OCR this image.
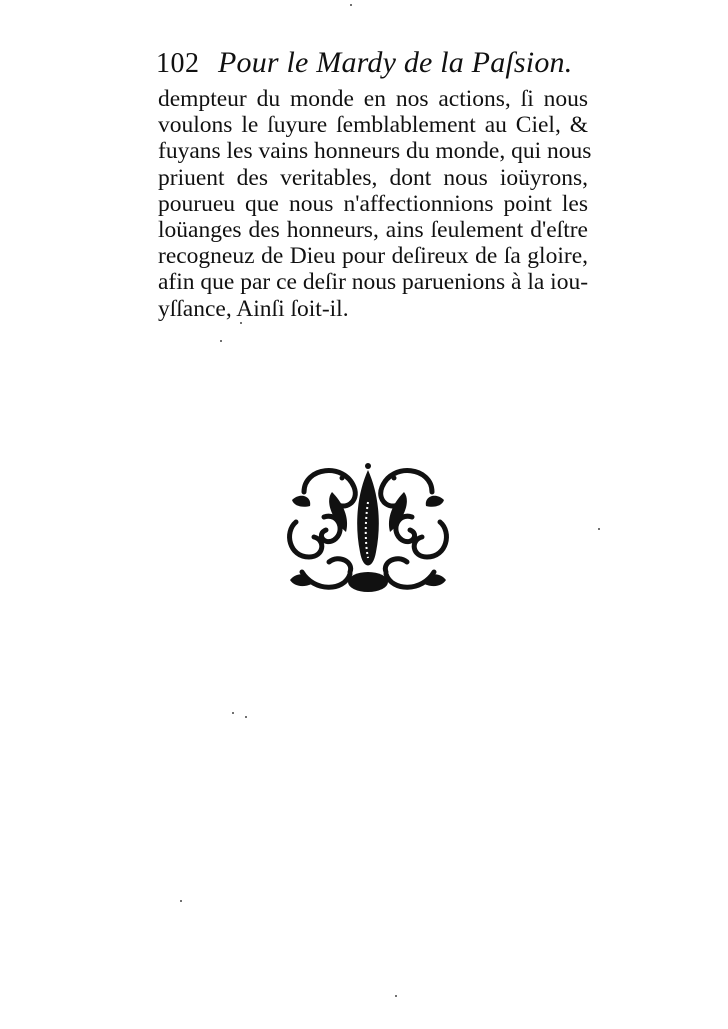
102 Pour le Mardy de la Paſsion.
dempteur du monde en nos actions, ſi nous
voulons le ſuyure ſemblablement au Ciel, &
fuyans les vains honneurs du monde, qui nous
priuent des veritables, dont nous ioüyrons,
pourueu que nous n'affectionnions point les
loüanges des honneurs, ains ſeulement d'eſtre
recogneuz de Dieu pour deſireux de ſa gloire,
afin que par ce deſir nous paruenions à la iou-
yſſance, Ainſi ſoit-il.
